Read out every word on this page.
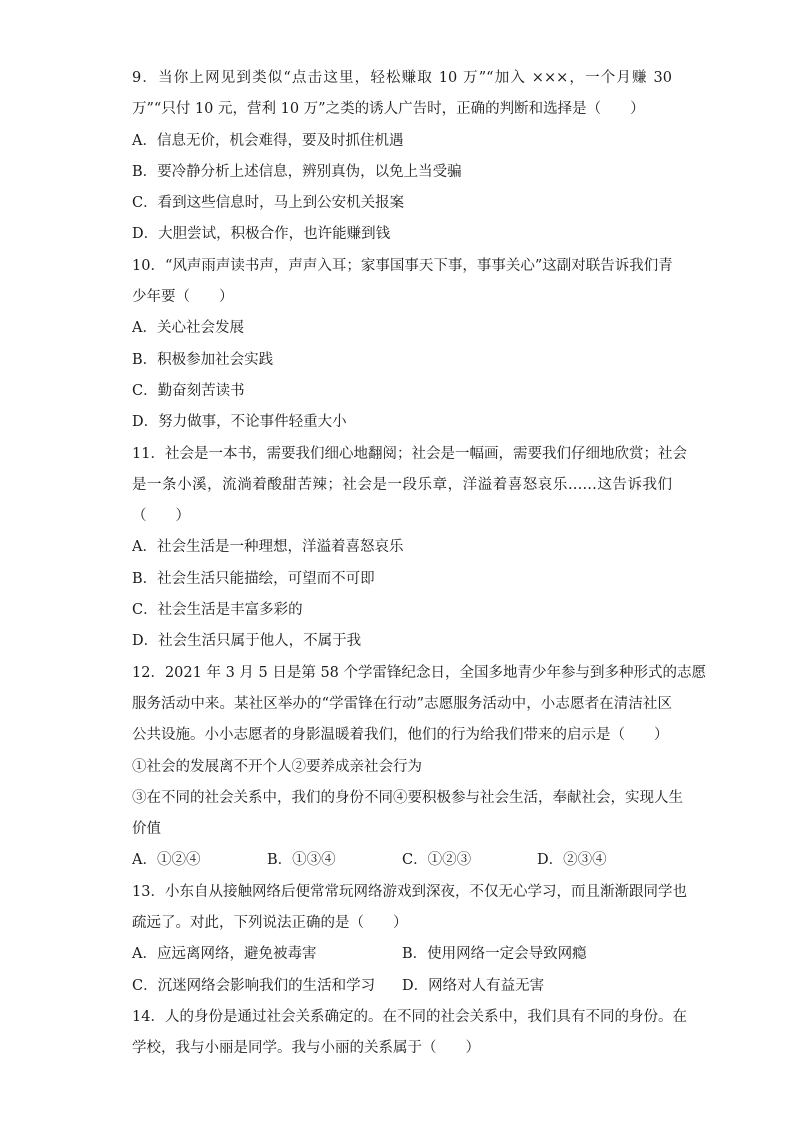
9．当你上网见到类似“点击这里，轻松赚取 10 万”“加入 ×××，一个月赚 30
万”“只付 10 元，营利 10 万”之类的诱人广告时，正确的判断和选择是（　　）
A．信息无价，机会难得，要及时抓住机遇
B．要冷静分析上述信息，辨别真伪，以免上当受骗
C．看到这些信息时，马上到公安机关报案
D．大胆尝试，积极合作，也许能赚到钱
10．“风声雨声读书声，声声入耳；家事国事天下事，事事关心”这副对联告诉我们青
少年要（　　）
A．关心社会发展
B．积极参加社会实践
C．勤奋刻苦读书
D．努力做事，不论事件轻重大小
11．社会是一本书，需要我们细心地翻阅；社会是一幅画，需要我们仔细地欣赏；社会
是一条小溪，流淌着酸甜苦辣；社会是一段乐章，洋溢着喜怒哀乐……这告诉我们
（　　）
A．社会生活是一种理想，洋溢着喜怒哀乐
B．社会生活只能描绘，可望而不可即
C．社会生活是丰富多彩的
D．社会生活只属于他人，不属于我
12．2021 年 3 月 5 日是第 58 个学雷锋纪念日，全国多地青少年参与到多种形式的志愿
服务活动中来。某社区举办的“学雷锋在行动”志愿服务活动中，小志愿者在清洁社区
公共设施。小小志愿者的身影温暖着我们，他们的行为给我们带来的启示是（　　）
①社会的发展离不开个人②要养成亲社会行为
③在不同的社会关系中，我们的身份不同④要积极参与社会生活，奉献社会，实现人生
价值
A．①②④	B．①③④	C．①②③	D．②③④
13．小东自从接触网络后便常常玩网络游戏到深夜，不仅无心学习，而且渐渐跟同学也
疏远了。对此，下列说法正确的是（　　）
A．应远离网络，避免被毒害	B．使用网络一定会导致网瘾
C．沉迷网络会影响我们的生活和学习	D．网络对人有益无害
14．人的身份是通过社会关系确定的。在不同的社会关系中，我们具有不同的身份。在
学校，我与小丽是同学。我与小丽的关系属于（　　）
